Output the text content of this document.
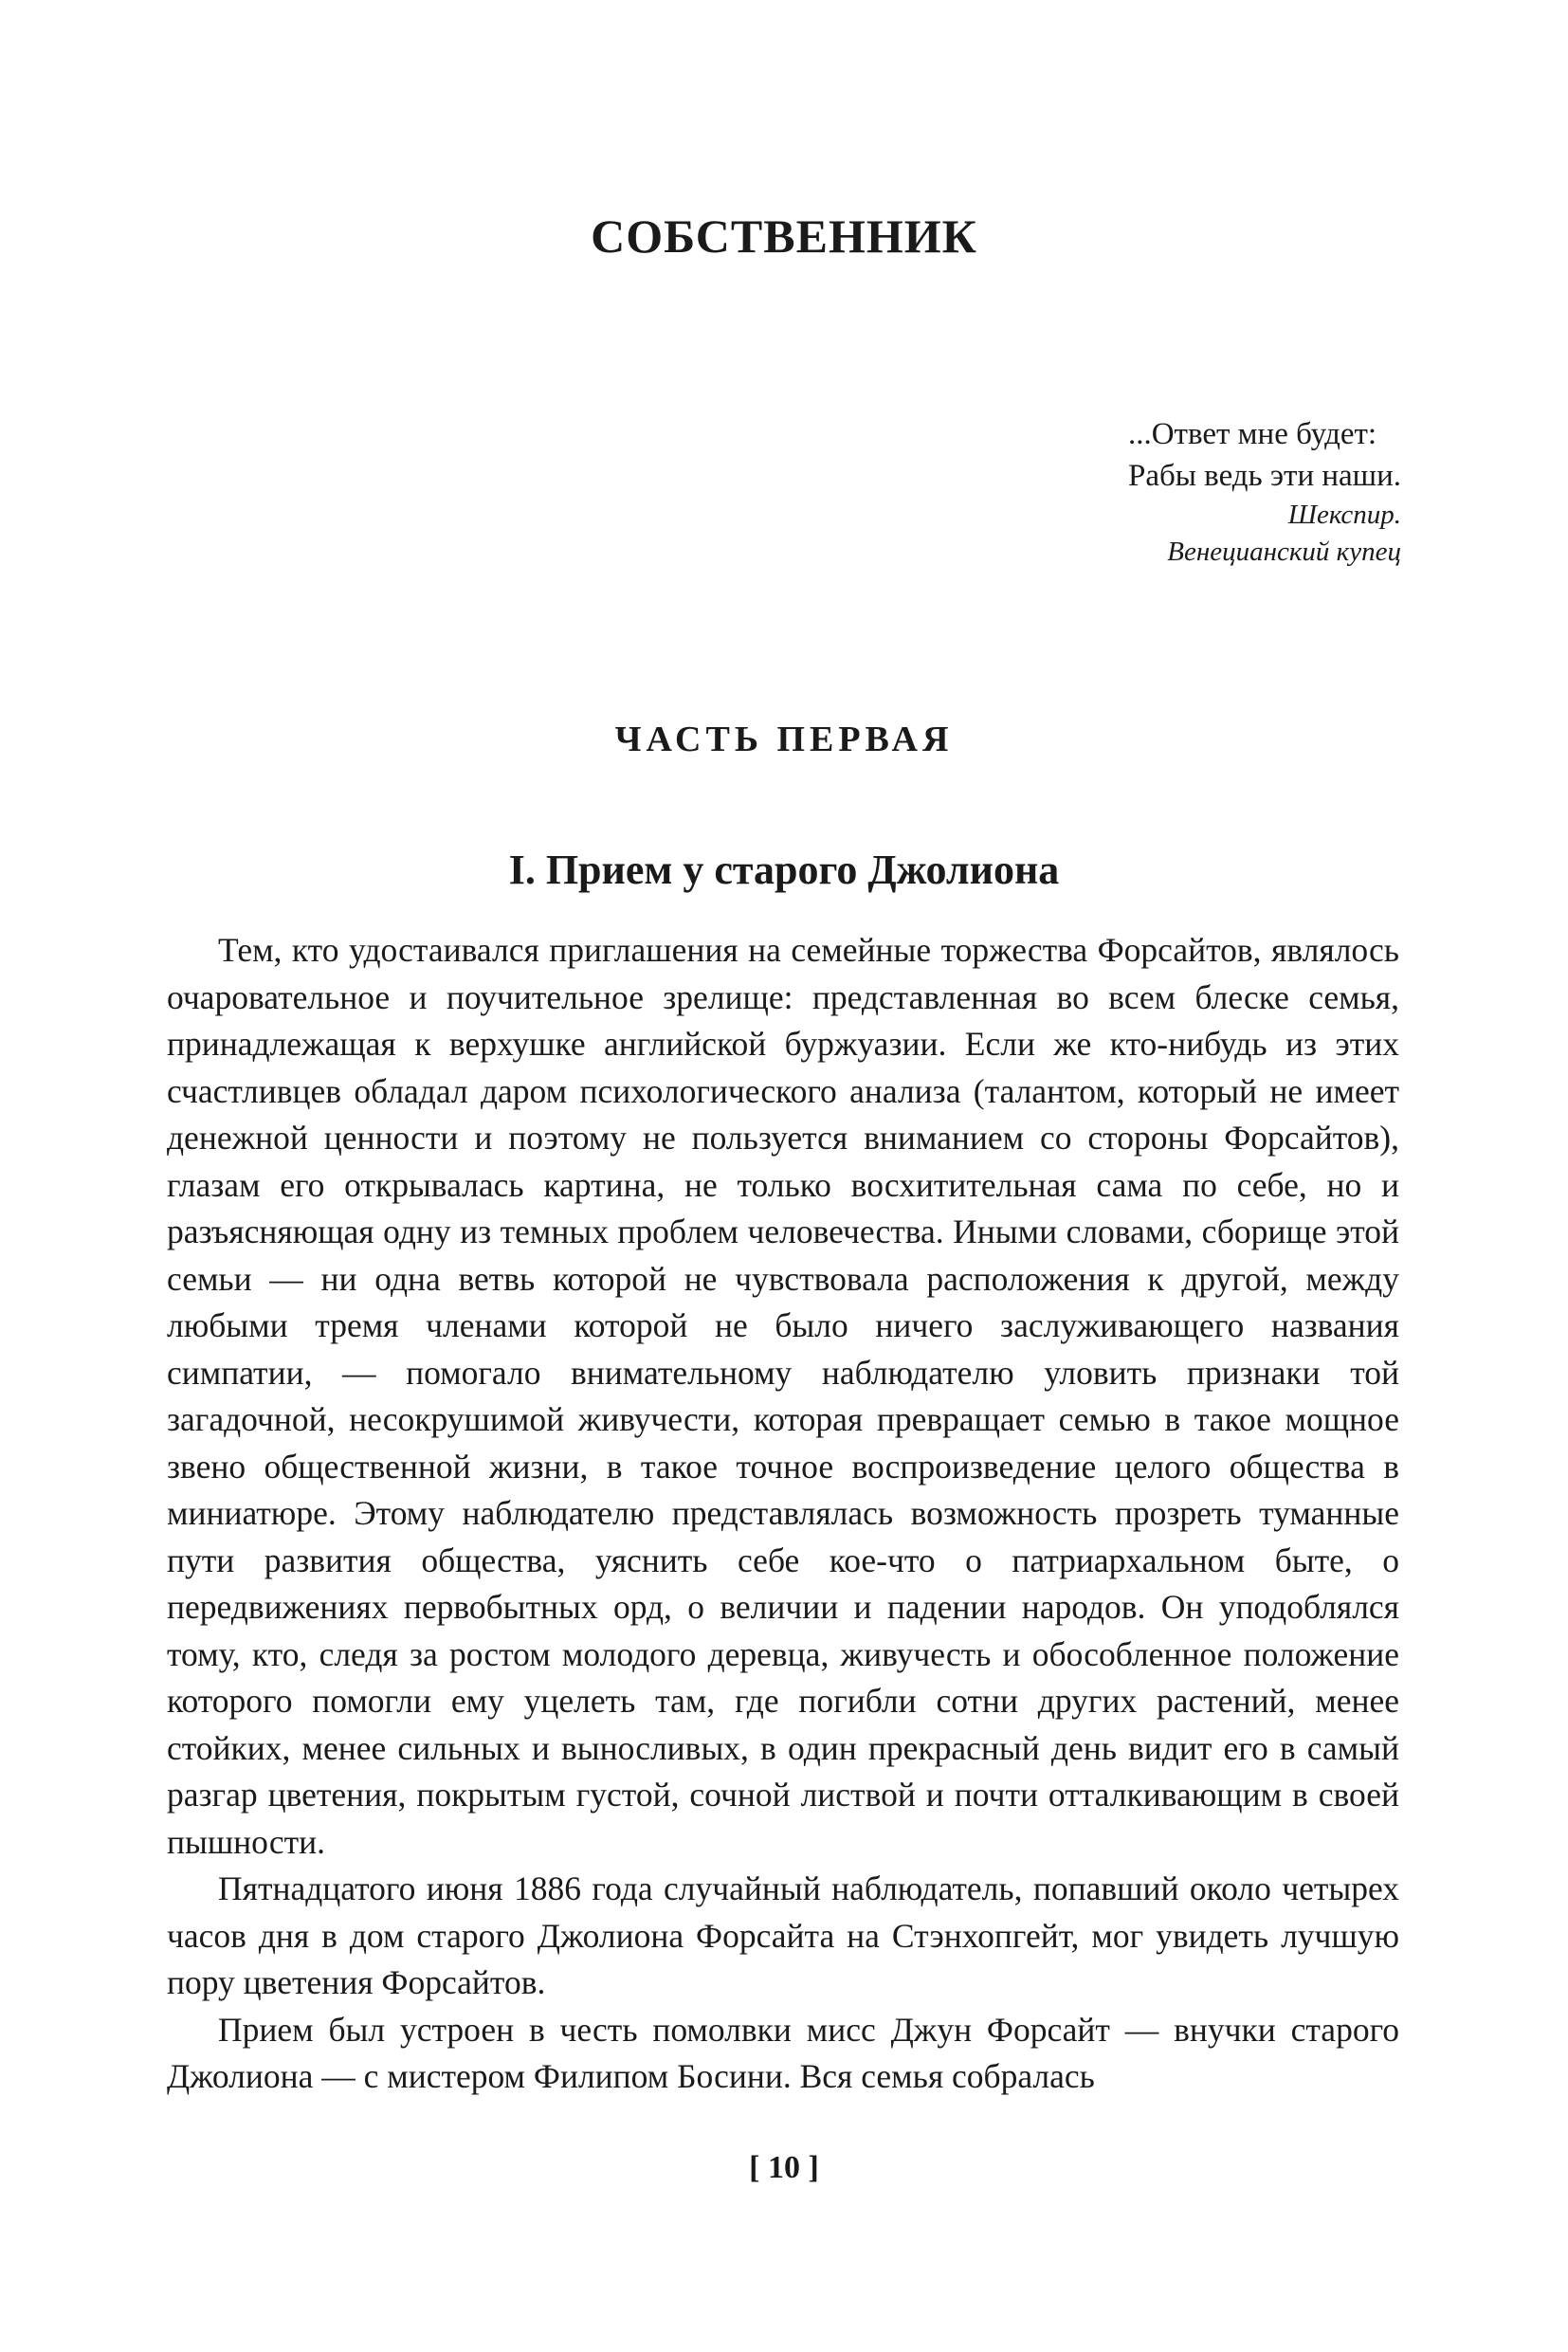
СОБСТВЕННИК
...Ответ мне будет:
Рабы ведь эти наши.
Шекспир.
Венецианский купец
ЧАСТЬ ПЕРВАЯ
I. Прием у старого Джолиона

Тем, кто удостаивался приглашения на семейные торжества Форсайтов, являлось очаровательное и поучительное зрелище: представленная во всем блеске семья, принадлежащая к верхушке английской буржуазии. Если же кто-нибудь из этих счастливцев обладал даром психологического анализа (талантом, который не имеет денежной ценности и поэтому не пользуется вниманием со стороны Форсайтов), глазам его открывалась картина, не только восхитительная сама по себе, но и разъясняющая одну из темных проблем человечества. Иными словами, сборище этой семьи — ни одна ветвь которой не чувствовала расположения к другой, между любыми тремя членами которой не было ничего заслуживающего названия симпатии, — помогало внимательному наблюдателю уловить признаки той загадочной, несокрушимой живучести, которая превращает семью в такое мощное звено общественной жизни, в такое точное воспроизведение целого общества в миниатюре. Этому наблюдателю представлялась возможность прозреть туманные пути развития общества, уяснить себе кое-что о патриархальном быте, о передвижениях первобытных орд, о величии и падении народов. Он уподоблялся тому, кто, следя за ростом молодого деревца, живучесть и обособленное положение которого помогли ему уцелеть там, где погибли сотни других растений, менее стойких, менее сильных и выносливых, в один прекрасный день видит его в самый разгар цветения, покрытым густой, сочной листвой и почти отталкивающим в своей пышности.

Пятнадцатого июня 1886 года случайный наблюдатель, попавший около четырех часов дня в дом старого Джолиона Форсайта на Стэнхопгейт, мог увидеть лучшую пору цветения Форсайтов.

Прием был устроен в честь помолвки мисс Джун Форсайт — внучки старого Джолиона — с мистером Филипом Босини. Вся семья собралась

[ 10 ]
